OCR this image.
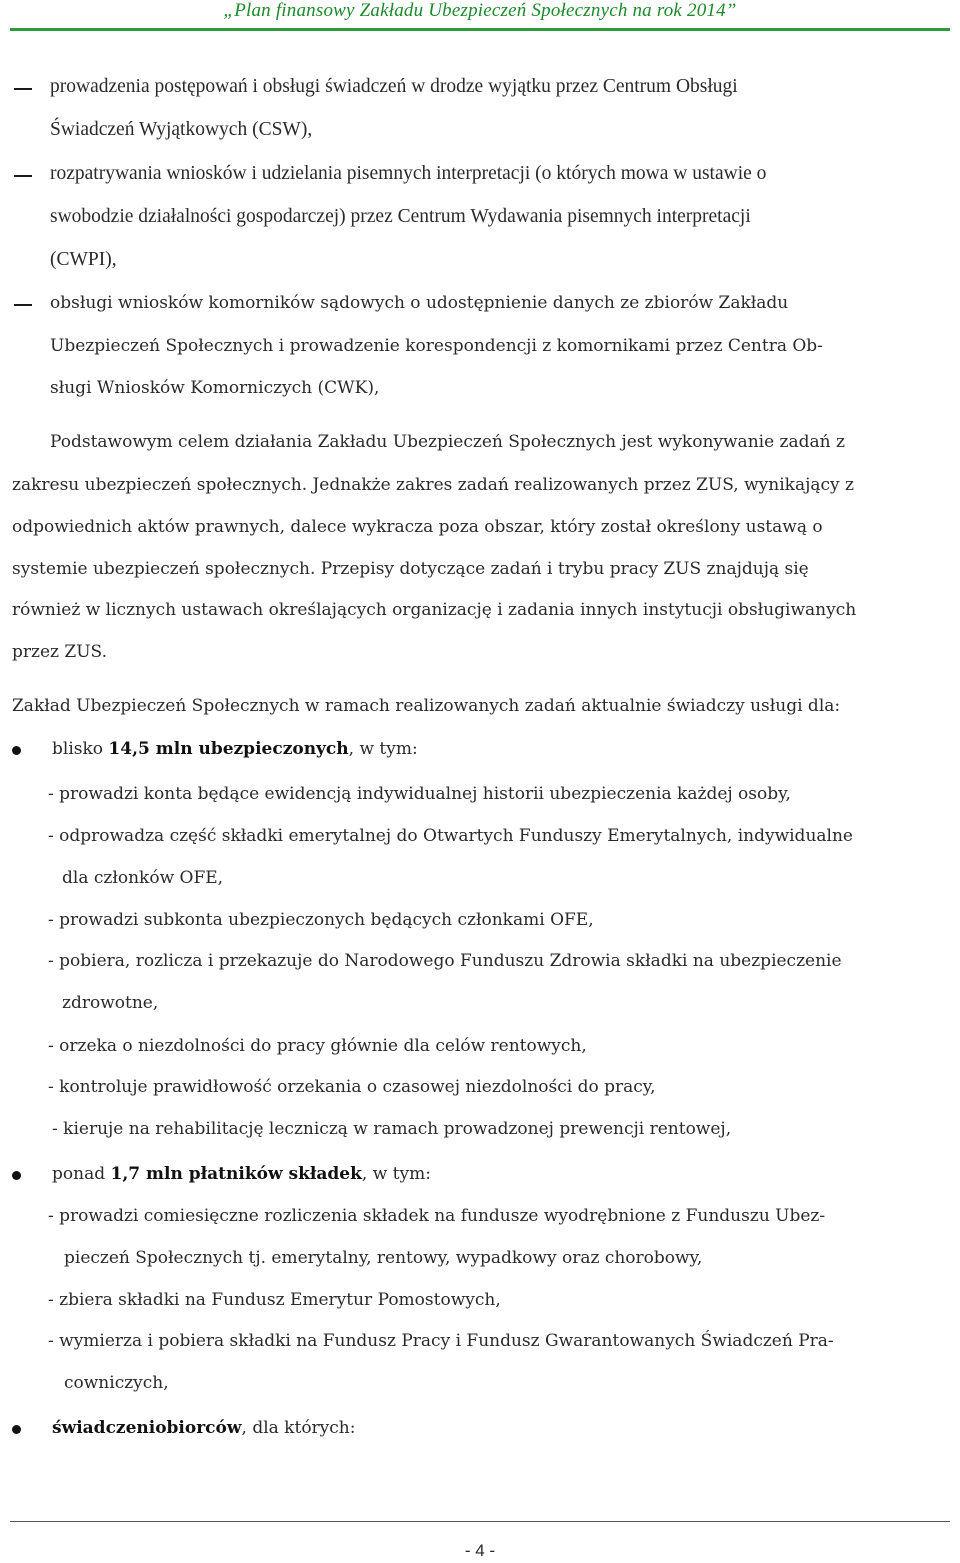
„Plan finansowy Zakładu Ubezpieczeń Społecznych na rok 2014”
prowadzenia postępowań i obsługi świadczeń w drodze wyjątku przez Centrum Obsługi
Świadczeń Wyjątkowych (CSW),
rozpatrywania wniosków i udzielania pisemnych interpretacji (o których mowa w ustawie o
swobodzie działalności gospodarczej) przez Centrum Wydawania pisemnych interpretacji
(CWPI),
obsługi wniosków komorników sądowych o udostępnienie danych ze zbiorów Zakładu
Ubezpieczeń Społecznych i prowadzenie korespondencji z komornikami przez Centra Ob-
sługi Wniosków Komorniczych (CWK),
Podstawowym celem działania Zakładu Ubezpieczeń Społecznych jest wykonywanie zadań z
zakresu ubezpieczeń społecznych. Jednakże zakres zadań realizowanych przez ZUS, wynikający z
odpowiednich aktów prawnych, dalece wykracza poza obszar, który został określony ustawą o
systemie ubezpieczeń społecznych. Przepisy dotyczące zadań i trybu pracy ZUS znajdują się
również w licznych ustawach określających organizację i zadania innych instytucji obsługiwanych
przez ZUS.
Zakład Ubezpieczeń Społecznych w ramach realizowanych zadań aktualnie świadczy usługi dla:
blisko 14,5 mln ubezpieczonych, w tym:
- prowadzi konta będące ewidencją indywidualnej historii ubezpieczenia każdej osoby,
- odprowadza część składki emerytalnej do Otwartych Funduszy Emerytalnych, indywidualne
dla członków OFE,
- prowadzi subkonta ubezpieczonych będących członkami OFE,
- pobiera, rozlicza i przekazuje do Narodowego Funduszu Zdrowia składki na ubezpieczenie
zdrowotne,
- orzeka o niezdolności do pracy głównie dla celów rentowych,
- kontroluje prawidłowość orzekania o czasowej niezdolności do pracy,
- kieruje na rehabilitację leczniczą w ramach prowadzonej prewencji rentowej,
ponad 1,7 mln płatników składek, w tym:
- prowadzi comiesięczne rozliczenia składek na fundusze wyodrębnione z Funduszu Ubez-
pieczeń Społecznych tj. emerytalny, rentowy, wypadkowy oraz chorobowy,
- zbiera składki na Fundusz Emerytur Pomostowych,
- wymierza i pobiera składki na Fundusz Pracy i Fundusz Gwarantowanych Świadczeń Pra-
cowniczych,
świadczeniobiorców, dla których:
- 4 -
